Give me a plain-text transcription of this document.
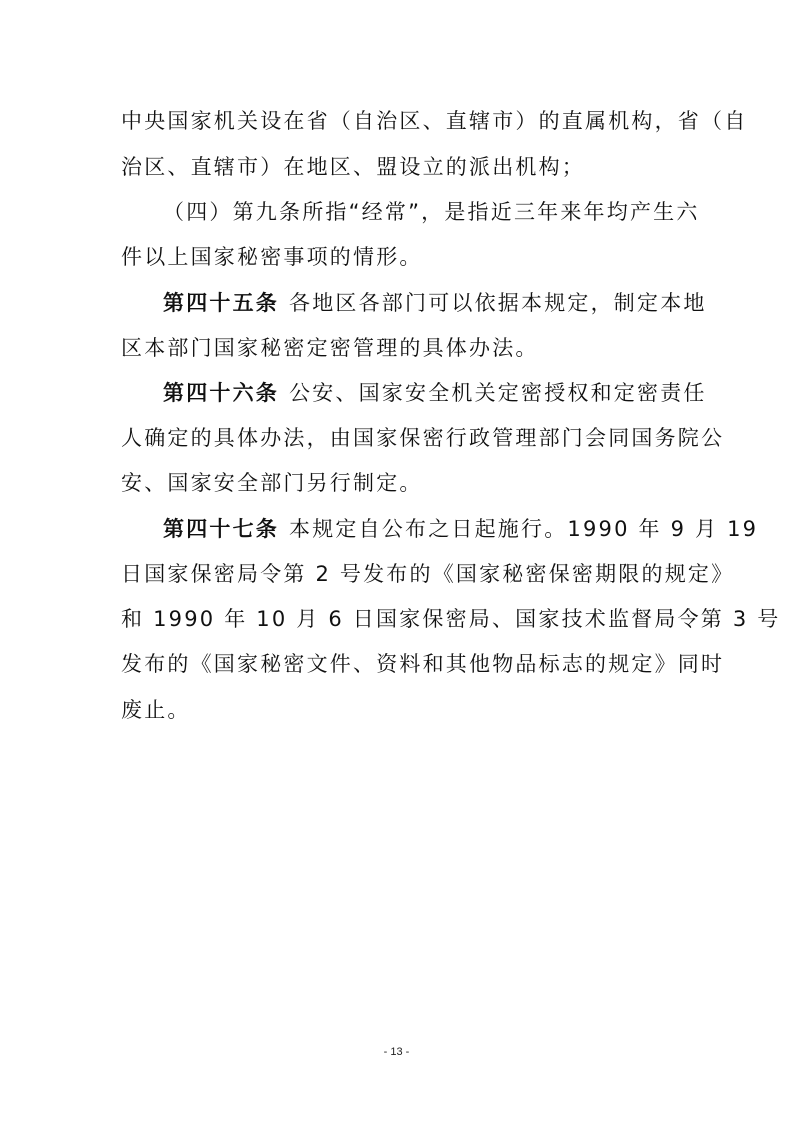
中央国家机关设在省（自治区、直辖市）的直属机构，省（自
治区、直辖市）在地区、盟设立的派出机构；
（四）第九条所指“经常”，是指近三年来年均产生六
件以上国家秘密事项的情形。
第四十五条 各地区各部门可以依据本规定，制定本地
区本部门国家秘密定密管理的具体办法。
第四十六条 公安、国家安全机关定密授权和定密责任
人确定的具体办法，由国家保密行政管理部门会同国务院公
安、国家安全部门另行制定。
第四十七条 本规定自公布之日起施行。1990 年 9 月 19
日国家保密局令第 2 号发布的《国家秘密保密期限的规定》
和 1990 年 10 月 6 日国家保密局、国家技术监督局令第 3 号
发布的《国家秘密文件、资料和其他物品标志的规定》同时
废止。
- 13 -
